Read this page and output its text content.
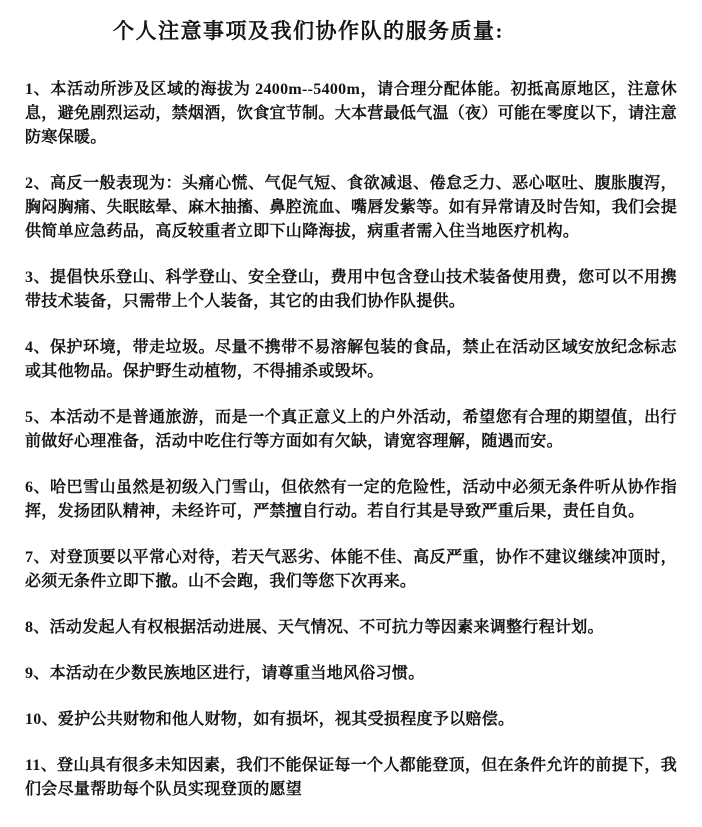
个人注意事项及我们协作队的服务质量:

1、本活动所涉及区域的海拔为 2400m--5400m，请合理分配体能。初抵高原地区，注意休息，避免剧烈运动，禁烟酒，饮食宜节制。大本营最低气温（夜）可能在零度以下，请注意防寒保暖。

2、高反一般表现为：头痛心慌、气促气短、食欲减退、倦怠乏力、恶心呕吐、腹胀腹泻，胸闷胸痛、失眠眩晕、麻木抽搐、鼻腔流血、嘴唇发紫等。如有异常请及时告知，我们会提供简单应急药品，高反较重者立即下山降海拔，病重者需入住当地医疗机构。

3、提倡快乐登山、科学登山、安全登山，费用中包含登山技术装备使用费，您可以不用携带技术装备，只需带上个人装备，其它的由我们协作队提供。

4、保护环境，带走垃圾。尽量不携带不易溶解包装的食品，禁止在活动区域安放纪念标志或其他物品。保护野生动植物，不得捕杀或毁坏。

5、本活动不是普通旅游，而是一个真正意义上的户外活动，希望您有合理的期望值，出行前做好心理准备，活动中吃住行等方面如有欠缺，请宽容理解，随遇而安。

6、哈巴雪山虽然是初级入门雪山，但依然有一定的危险性，活动中必须无条件听从协作指挥，发扬团队精神，未经许可，严禁擅自行动。若自行其是导致严重后果，责任自负。

7、对登顶要以平常心对待，若天气恶劣、体能不佳、高反严重，协作不建议继续冲顶时，必须无条件立即下撤。山不会跑，我们等您下次再来。

8、活动发起人有权根据活动进展、天气情况、不可抗力等因素来调整行程计划。

9、本活动在少数民族地区进行，请尊重当地风俗习惯。

10、爱护公共财物和他人财物，如有损坏，视其受损程度予以赔偿。

11、登山具有很多未知因素，我们不能保证每一个人都能登顶，但在条件允许的前提下，我们会尽量帮助每个队员实现登顶的愿望
